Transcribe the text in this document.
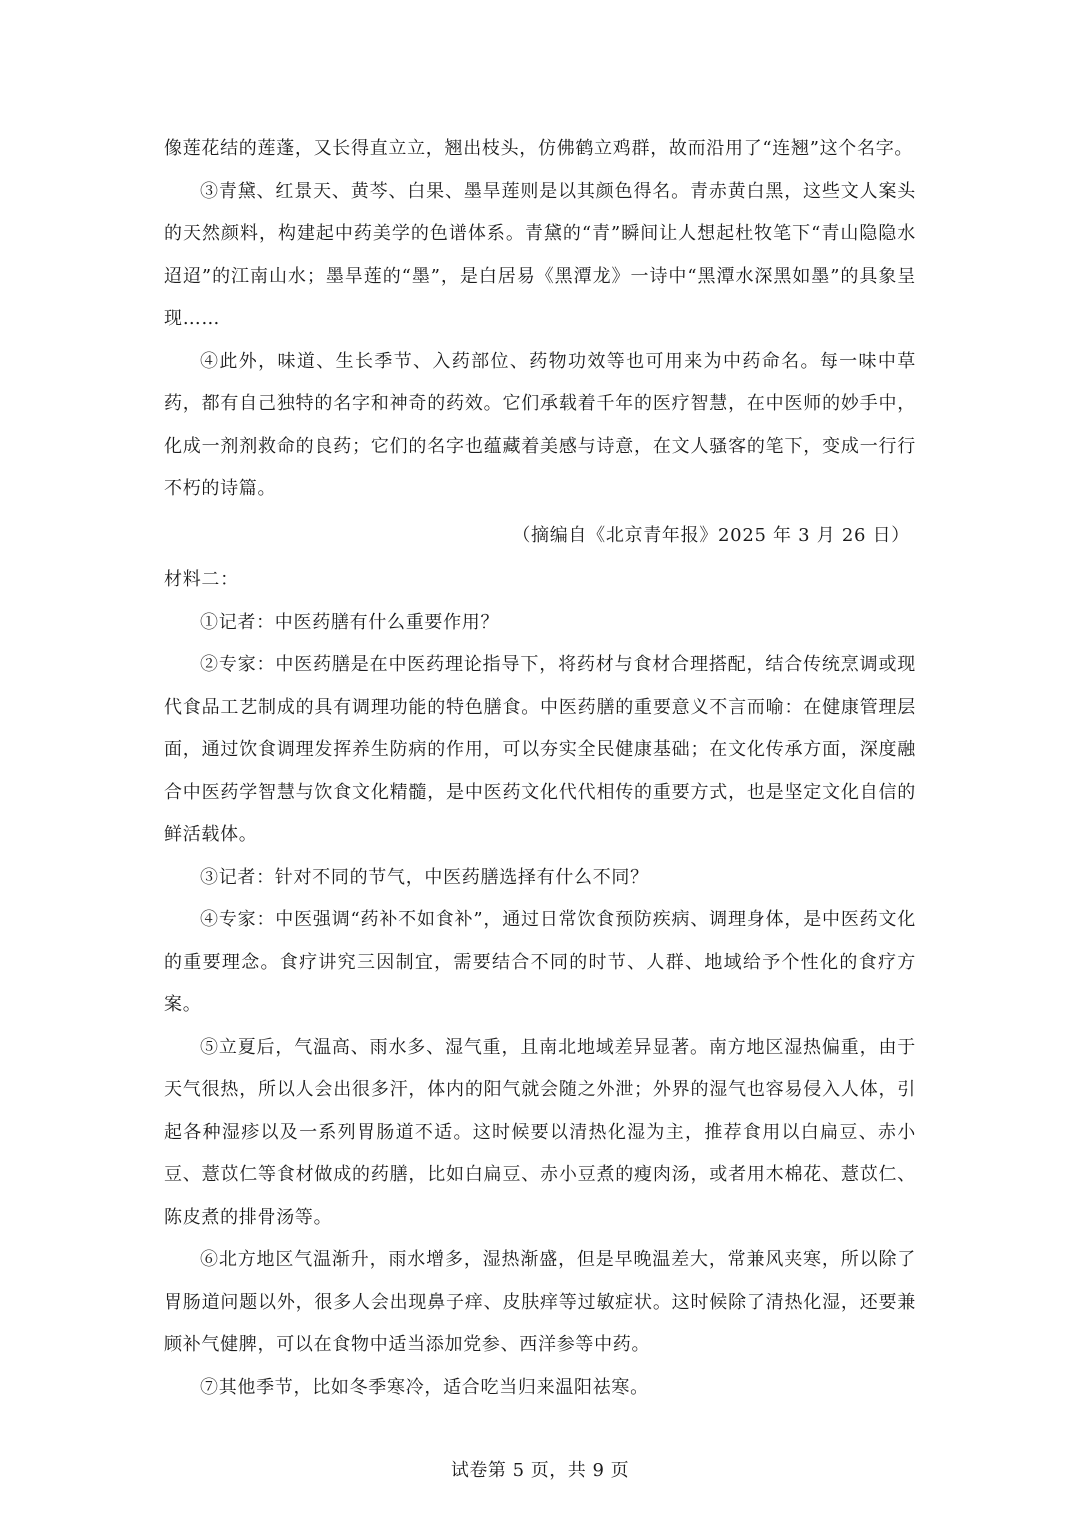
像莲花结的莲蓬，又长得直立立，翘出枝头，仿佛鹤立鸡群，故而沿用了“连翘”这个名字。

③青黛、红景天、黄芩、白果、墨旱莲则是以其颜色得名。青赤黄白黑，这些文人案头的天然颜料，构建起中药美学的色谱体系。青黛的“青”瞬间让人想起杜牧笔下“青山隐隐水迢迢”的江南山水；墨旱莲的“墨”，是白居易《黑潭龙》一诗中“黑潭水深黑如墨”的具象呈现……

④此外，味道、生长季节、入药部位、药物功效等也可用来为中药命名。每一味中草药，都有自己独特的名字和神奇的药效。它们承载着千年的医疗智慧，在中医师的妙手中，化成一剂剂救命的良药；它们的名字也蕴藏着美感与诗意，在文人骚客的笔下，变成一行行不朽的诗篇。

（摘编自《北京青年报》2025 年 3 月 26 日）

材料二：

①记者：中医药膳有什么重要作用？

②专家：中医药膳是在中医药理论指导下，将药材与食材合理搭配，结合传统烹调或现代食品工艺制成的具有调理功能的特色膳食。中医药膳的重要意义不言而喻：在健康管理层面，通过饮食调理发挥养生防病的作用，可以夯实全民健康基础；在文化传承方面，深度融合中医药学智慧与饮食文化精髓，是中医药文化代代相传的重要方式，也是坚定文化自信的鲜活载体。

③记者：针对不同的节气，中医药膳选择有什么不同？

④专家：中医强调“药补不如食补”，通过日常饮食预防疾病、调理身体，是中医药文化的重要理念。食疗讲究三因制宜，需要结合不同的时节、人群、地域给予个性化的食疗方案。

⑤立夏后，气温高、雨水多、湿气重，且南北地域差异显著。南方地区湿热偏重，由于天气很热，所以人会出很多汗，体内的阳气就会随之外泄；外界的湿气也容易侵入人体，引起各种湿疹以及一系列胃肠道不适。这时候要以清热化湿为主，推荐食用以白扁豆、赤小豆、薏苡仁等食材做成的药膳，比如白扁豆、赤小豆煮的瘦肉汤，或者用木棉花、薏苡仁、陈皮煮的排骨汤等。

⑥北方地区气温渐升，雨水增多，湿热渐盛，但是早晚温差大，常兼风夹寒，所以除了胃肠道问题以外，很多人会出现鼻子痒、皮肤痒等过敏症状。这时候除了清热化湿，还要兼顾补气健脾，可以在食物中适当添加党参、西洋参等中药。

⑦其他季节，比如冬季寒冷，适合吃当归来温阳祛寒。

试卷第 5 页，共 9 页
